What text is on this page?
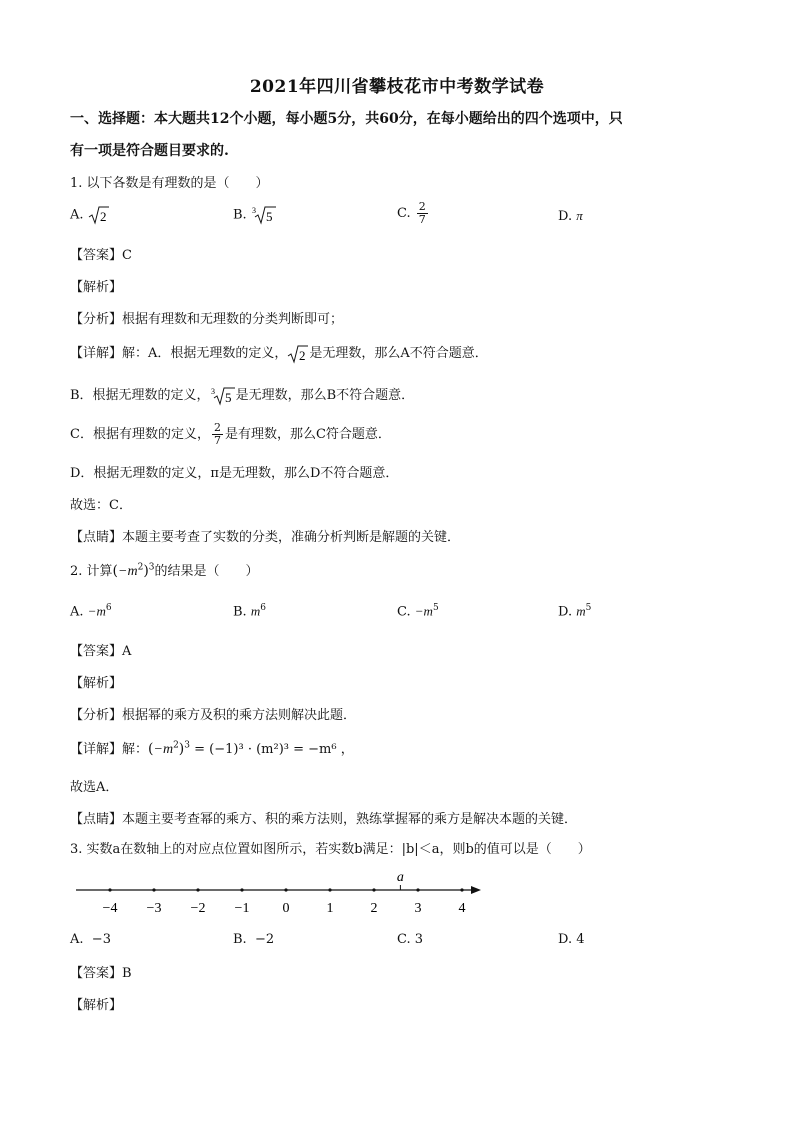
2021年四川省攀枝花市中考数学试卷
一、选择题：本大题共12个小题，每小题5分，共60分，在每小题给出的四个选项中，只
有一项是符合题目要求的.
1. 以下各数是有理数的是（　　）
A. 2	B. 3 5	C. $\frac{2}{7}$	D. π
【答案】C
【解析】
【分析】根据有理数和无理数的分类判断即可；
【详解】解：A．根据无理数的定义， 2 是无理数，那么A不符合题意．
B．根据无理数的定义， 3 5 是无理数，那么B不符合题意．
C．根据有理数的定义， $\frac{2}{7}$ 是有理数，那么C符合题意．
D．根据无理数的定义，π是无理数，那么D不符合题意．
故选：C．
【点睛】本题主要考查了实数的分类，准确分析判断是解题的关键．
2. 计算$(-m^2)^3$的结果是（　　）
A. $-m^6$	B. $m^6$	C. $-m^5$	D. $m^5$
【答案】A
【解析】
【分析】根据幂的乘方及积的乘方法则解决此题．
【详解】解：$(-m^2)^3 = (-1)^3 \cdot (m^2)^3 = -m^6$ ，
故选A．
【点睛】本题主要考查幂的乘方、积的乘方法则，熟练掌握幂的乘方是解决本题的关键．
3. 实数a在数轴上的对应点位置如图所示，若实数b满足：|b|＜a，则b的值可以是（　　）
−4 −3 −2 −1 0	1	2	3	4
a
A. −3	B. −2	C. 3	D. 4
【答案】B
【解析】
